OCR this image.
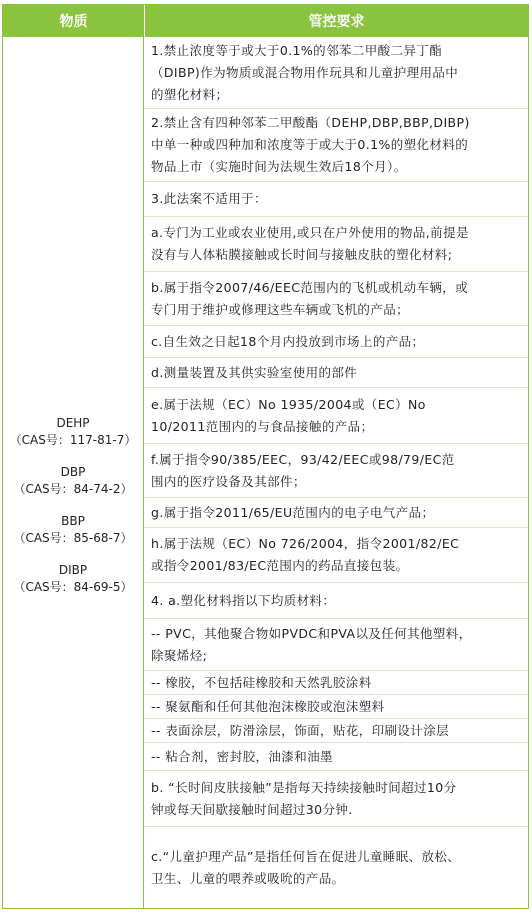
物质	管控要求
DEHP
（CAS号：117-81-7）
DBP
（CAS号：84-74-2）
BBP
（CAS号：85-68-7）
DIBP
（CAS号：84-69-5）
1.禁止浓度等于或大于0.1%的邻苯二甲酸二异丁酯
（DIBP)作为物质或混合物用作玩具和儿童护理用品中
的塑化材料；
2.禁止含有四种邻苯二甲酸酯（DEHP,DBP,BBP,DIBP)
中单一种或四种加和浓度等于或大于0.1%的塑化材料的
物品上市（实施时间为法规生效后18个月）。
3.此法案不适用于：
a.专门为工业或农业使用,或只在户外使用的物品,前提是
没有与人体粘膜接触或长时间与接触皮肤的塑化材料;
b.属于指令2007/46/EEC范围内的飞机或机动车辆，或
专门用于维护或修理这些车辆或飞机的产品；
c.自生效之日起18个月内投放到市场上的产品；
d.测量装置及其供实验室使用的部件
e.属于法规（EC）No 1935/2004或（EC）No
10/2011范围内的与食品接触的产品；
f.属于指令90/385/EEC，93/42/EEC或98/79/EC范
围内的医疗设备及其部件；
g.属于指令2011/65/EU范围内的电子电气产品；
h.属于法规（EC）No 726/2004，指令2001/82/EC
或指令2001/83/EC范围内的药品直接包装。
4. a.塑化材料指以下均质材料：
-- PVC，其他聚合物如PVDC和PVA以及任何其他塑料，
除聚烯烃;
-- 橡胶，不包括硅橡胶和天然乳胶涂料
-- 聚氨酯和任何其他泡沫橡胶或泡沫塑料
-- 表面涂层，防滑涂层，饰面，贴花，印刷设计涂层
-- 粘合剂，密封胶，油漆和油墨
b. “长时间皮肤接触”是指每天持续接触时间超过10分
钟或每天间歇接触时间超过30分钟.
c.“儿童护理产品”是指任何旨在促进儿童睡眠、放松、
卫生、儿童的喂养或吸吮的产品。
